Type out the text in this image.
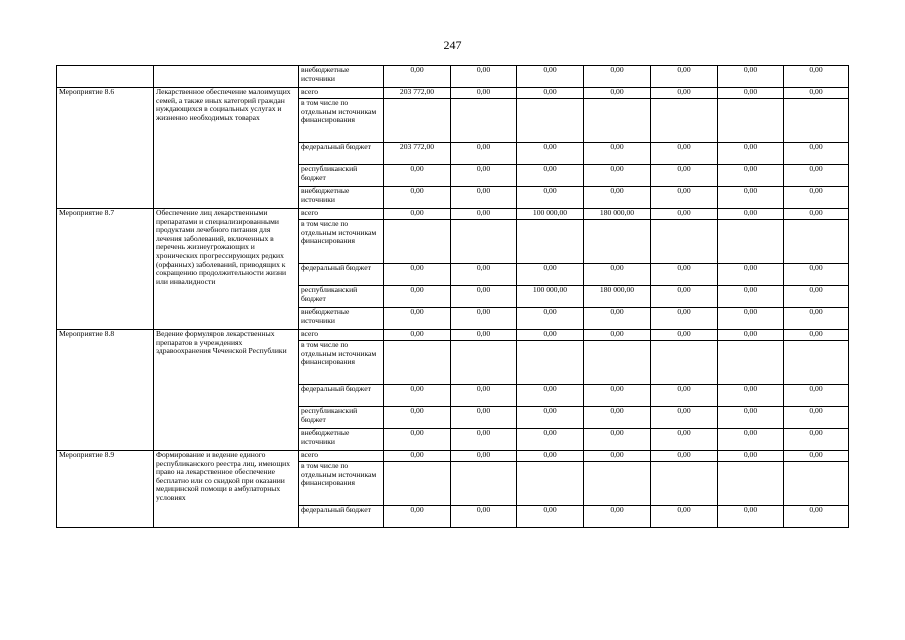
247
		внебюджетные источники	0,00	0,00	0,00	0,00	0,00	0,00	0,00
Мероприятие 8.6	Лекарственное обеспечение малоимущих семей, а также иных категорий граждан нуждающихся в социальных услугах и жизненно необходимых товарах	всего	203 772,00	0,00	0,00	0,00	0,00	0,00	0,00
		в том числе по отдельным источникам финансирования							
		федеральный бюджет	203 772,00	0,00	0,00	0,00	0,00	0,00	0,00
		республиканский бюджет	0,00	0,00	0,00	0,00	0,00	0,00	0,00
		внебюджетные источники	0,00	0,00	0,00	0,00	0,00	0,00	0,00
Мероприятие 8.7	Обеспечение лиц лекарственными препаратами и специализированными продуктами лечебного питания для лечения заболеваний, включенных в перечень жизнеугрожающих и хронических прогрессирующих редких (орфанных) заболеваний, приводящих к сокращению продолжительности жизни или инвалидности	всего	0,00	0,00	100 000,00	180 000,00	0,00	0,00	0,00
		в том числе по отдельным источникам финансирования							
		федеральный бюджет	0,00	0,00	0,00	0,00	0,00	0,00	0,00
		республиканский бюджет	0,00	0,00	100 000,00	180 000,00	0,00	0,00	0,00
		внебюджетные источники	0,00	0,00	0,00	0,00	0,00	0,00	0,00
Мероприятие 8.8	Ведение формуляров лекарственных препаратов в учреждениях здравоохранения Чеченской Республики	всего	0,00	0,00	0,00	0,00	0,00	0,00	0,00
		в том числе по отдельным источникам финансирования							
		федеральный бюджет	0,00	0,00	0,00	0,00	0,00	0,00	0,00
		республиканский бюджет	0,00	0,00	0,00	0,00	0,00	0,00	0,00
		внебюджетные источники	0,00	0,00	0,00	0,00	0,00	0,00	0,00
Мероприятие 8.9	Формирование и ведение единого республиканского реестра лиц, имеющих право на лекарственное обеспечение бесплатно или со скидкой при оказании медицинской помощи в амбулаторных условиях	всего	0,00	0,00	0,00	0,00	0,00	0,00	0,00
		в том числе по отдельным источникам финансирования							
		федеральный бюджет	0,00	0,00	0,00	0,00	0,00	0,00	0,00
